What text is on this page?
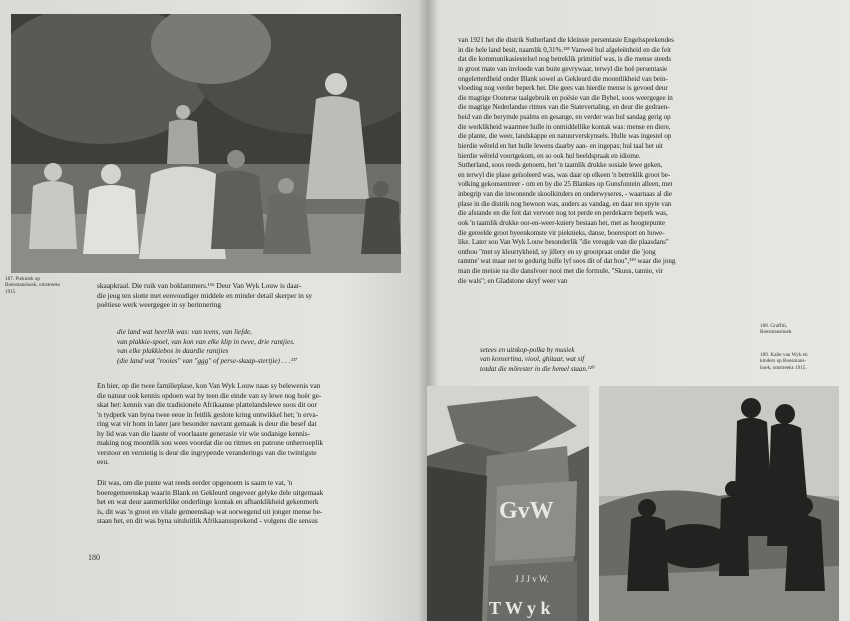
187. Piekniek op
Boesmanshoek, omstreeks
1915.
skaapkraal. Die ruik van boklammers.¹¹⁶ Deur Van Wyk Louw is daar-
die jeug ten slotte met eenvoudiger middele en minder detail skerper in sy
poëtiese werk weergegee in sy herinnering
die land wat heerlik was: van teens, van liefde,
van plakkie-spoel, van kon van elke klip in twee, drie rantjies.
van elke plakkiebos in daardie rantjies
(die land wat "rooies" van "ggg" of perse-skaap-stertjie) . . .¹¹⁷
En hier, op die twee familieplase, kon Van Wyk Louw naas sy belewenis van
die natuur ook kennis opdoen wat hy teen die einde van sy lewe nog hoër ge-
skat het: kennis van die tradisionele Afrikaanse plattelandslewe soos dit oor
'n tydperk van byna twee eeue in feitlik geslote kring ontwikkel het; 'n erva-
ring wat vir hom in later jare besonder navrant gemaak is deur die besef dat
hy lid was van die laaste of voorlaaste generasie vir wie sodanige kennis-
making nog moontlik sou wees voordat die ou ritmes en patrone onherroeplik
verstoor en vernietig is deur die ingrypende veranderings van die twintigste
eeu.
Dit was, om die punte wat reeds eerder opgenoem is saam te vat, 'n
boeregemeenskap waarin Blank en Gekleurd ongeveer gelyke dele uitgemaak
het en wat deur aanmerklike onderlinge kontak en afhanklikheid gekenmerk
is, dit was 'n groot en vitale gemeenskap wat oorwegend uit jonger mense be-
staan het, en dit was byna uitsluitlik Afrikaanssprekend - volgens die sensus
180
van 1921 het die distrik Sutherland die kleinste persentasie Engelssprekendes
in die hele land besit, naamlik 0,31%.¹¹⁸ Vanweë hul afgeleënheid en die feit
dat die kommunikasiestelsel nog betreklik primitief was, is die mense steeds
in groot mate van invloede van buite gevrywaar, terwyl die hoë persentasie
ongeletterdheid onder Blank sowel as Gekleurd die moontlikheid van bein-
vloeding nog verder beperk het. Die gees van hierdie mense is gevoed deur
die magtige Oosterse taalgebruik en poësie van die Bybel, soos weergegee in
die magtige Nederlandse ritmes van die Statevertaling, en deur die gedraen-
heid van die berymde psalms en gesange, en verder was hul sandag gerig op
die werklikheid waarmee hulle in onmiddellike kontak was: mense en diere,
die plante, die weer, landskappe en natuurverskynsels. Hulle was ingestel op
hierdie wêreld en het hulle lewens daarby aan- en ingepas; hul taal het uit
hierdie wêreld voortgekom, en so ook hul beeldspraak en idiome.
Sutherland, soos reeds genoem, het 'n taamlik drukke sosiale lewe geken,
en terwyl die plase geïsoleerd was, was daar op elkeen 'n betreklik groot be-
volking gekonsentreer - om en by die 25 Blankes op Gunsfontein alleen, met
inbegrip van die inwonende skoolkinders en onderwyseres, - waarnaas al die
plase in die distrik nog bewoon was, anders as vandag, en daar ten spyte van
die afstande en die feit dat vervoer nog tot perde en perdekarre beperk was,
ook 'n taamlik drukke oor-en-weer-kuiery bestaan het, met as hoogtepunte
die gereelde groot byeenkomste vir pieknieks, danse, boeresport en huwe-
like. Later sou Van Wyk Louw besonderlik "die vreugde van die plaasdans"
onthou "met sy kleurrykheid, sy jillery en sy grootpraat onder die 'jong
ramme' wat maar net te gedurig hulle lyf soos dit of dat hou",¹¹⁹ waar die jong
man die meisie na die danslvoer nooi met die formule, "Skuus, tannie, vir
die wals"; en Gladstone skryf weer van
188. Graffiti,
Boesmanshoek.
setees en uitskop-polka by musiek
van konsertina, viool, ghitaar, wat sif
totdat die môrester in die hemel staan.¹²⁰
189. Kalie van Wyk en
kinders op Boesmans-
hoek, omstreeks 1915.
GvW
J J J v W.
T W y k
